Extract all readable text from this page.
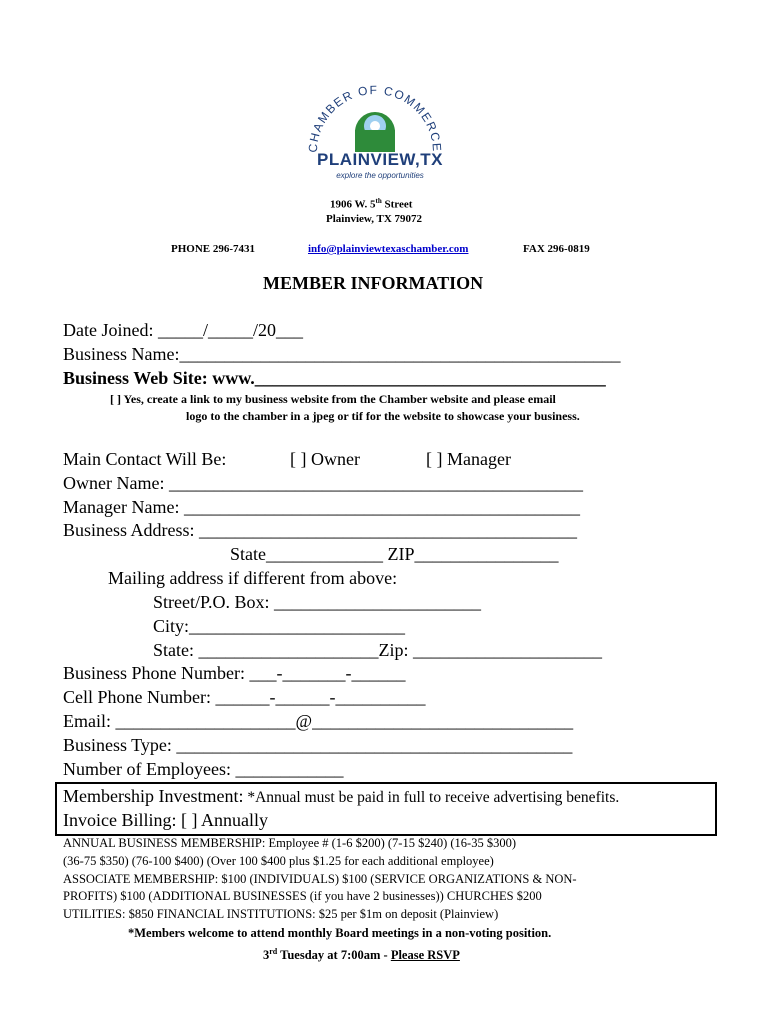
CHAMBER OF COMMERCE
PLAINVIEW,TX
explore the opportunities
1906 W. 5th Street
Plainview, TX 79072
PHONE 296-7431	info@plainviewtexaschamber.com	FAX 296-0819
MEMBER INFORMATION
Date Joined: _____/_____/20___
Business Name:_________________________________________________
Business Web Site: www._______________________________________
[ ] Yes, create a link to my business website from the Chamber website and please email
logo to the chamber in a jpeg or tif for the website to showcase your business.
Main Contact Will Be:	[ ] Owner	[ ] Manager
Owner Name: ______________________________________________
Manager Name: ____________________________________________
Business Address: __________________________________________
State_____________ ZIP________________
Mailing address if different from above:
Street/P.O. Box: _______________________
City:________________________
State: ____________________Zip: _____________________
Business Phone Number: ___-_______-______
Cell Phone Number: ______-______-__________
Email: ____________________@_____________________________
Business Type: ____________________________________________
Number of Employees: ____________
Membership Investment: *Annual must be paid in full to receive advertising benefits.
Invoice Billing: [ ] Annually
ANNUAL BUSINESS MEMBERSHIP: Employee # (1-6 $200) (7-15 $240) (16-35 $300)
(36-75 $350) (76-100 $400) (Over 100 $400 plus $1.25 for each additional employee)
ASSOCIATE MEMBERSHIP: $100 (INDIVIDUALS) $100 (SERVICE ORGANIZATIONS & NON-
PROFITS) $100 (ADDITIONAL BUSINESSES (if you have 2 businesses)) CHURCHES $200
UTILITIES: $850 FINANCIAL INSTITUTIONS: $25 per $1m on deposit (Plainview)
*Members welcome to attend monthly Board meetings in a non-voting position.
3rd Tuesday at 7:00am - Please RSVP
